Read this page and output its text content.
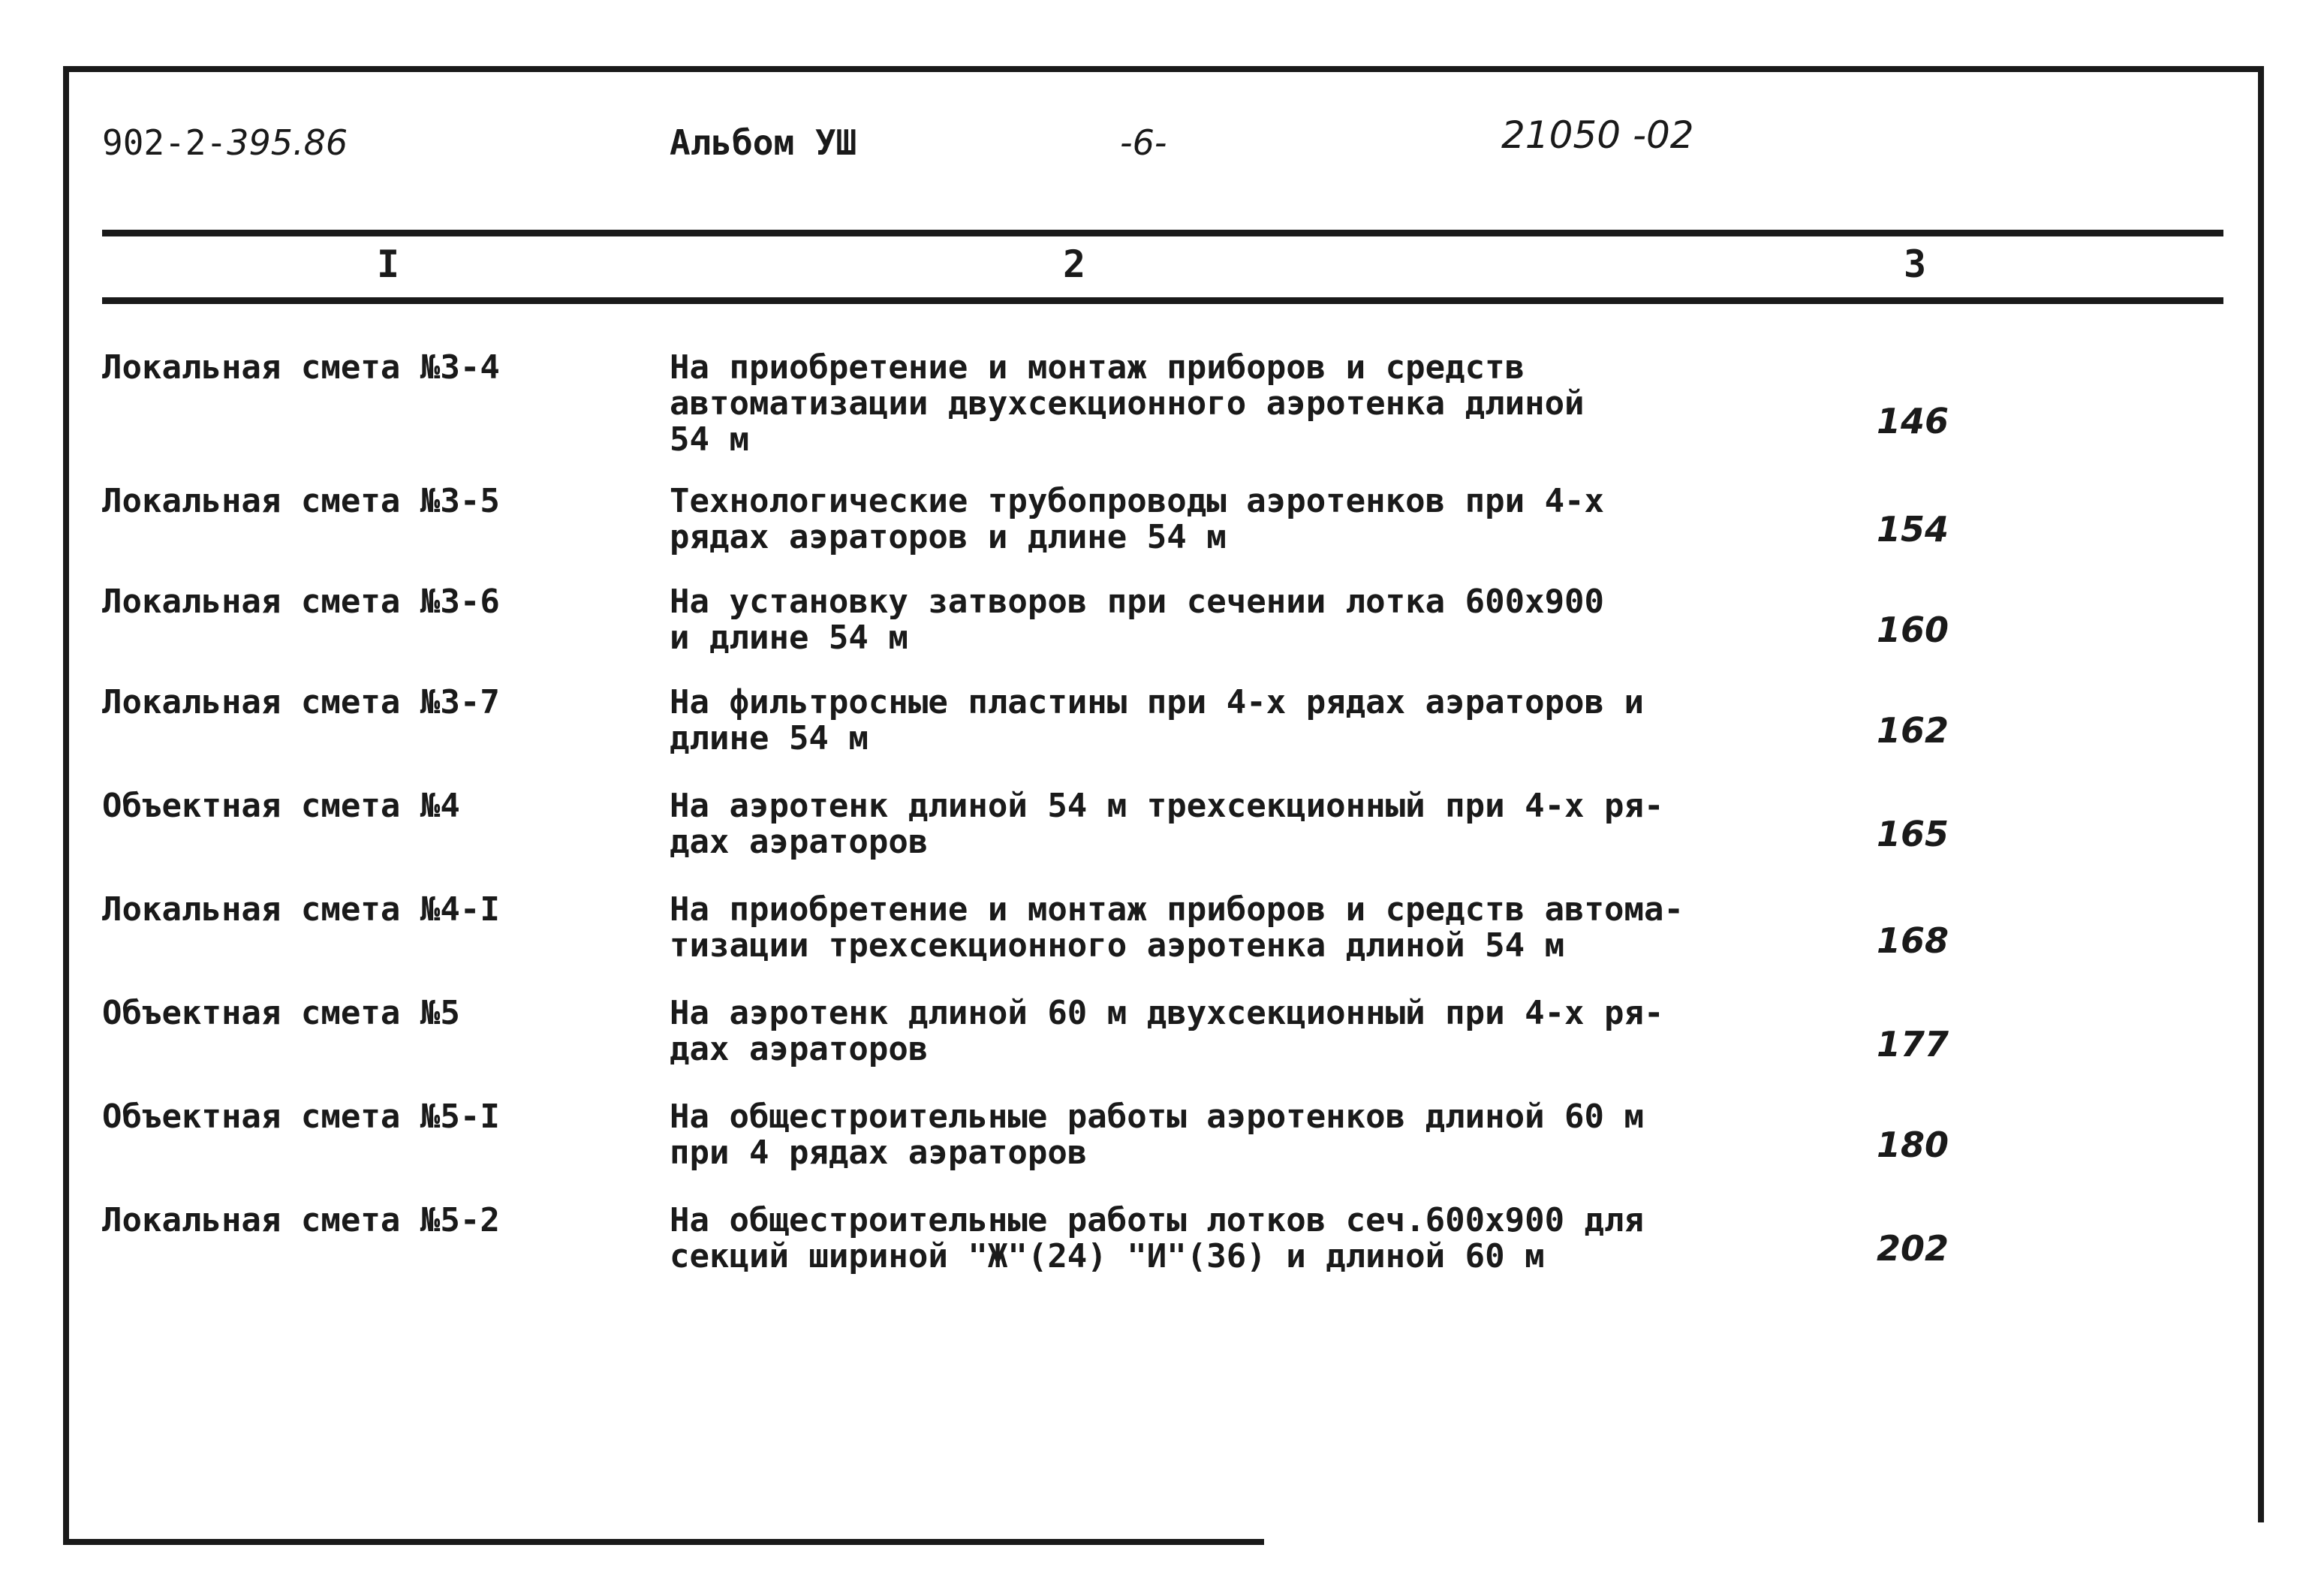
902-2-395.86	Альбом УШ	-6-	21050 -02
I	2	3
Локальная смета №3-4	На приобретение и монтаж приборов и средств
автоматизации двухсекционного аэротенка длиной
54 м	146
Локальная смета №3-5	Технологические трубопроводы аэротенков при 4-х
рядах аэраторов и длине 54 м	154
Локальная смета №3-6	На установку затворов при сечении лотка 600х900
и длине 54 м	160
Локальная смета №3-7	На фильтросные пластины при 4-х рядах аэраторов и
длине 54 м	162
Объектная смета №4	На аэротенк длиной 54 м трехсекционный при 4-х ря-
дах аэраторов	165
Локальная смета №4-I	На приобретение и монтаж приборов и средств автома-
тизации трехсекционного аэротенка длиной 54 м	168
Объектная смета №5	На аэротенк длиной 60 м двухсекционный при 4-х ря-
дах аэраторов	177
Объектная смета №5-I	На общестроительные работы аэротенков длиной 60 м
при 4 рядах аэраторов	180
Локальная смета №5-2	На общестроительные работы лотков сеч.600х900 для
секций шириной "Ж"(24) "И"(36) и длиной 60 м	202
